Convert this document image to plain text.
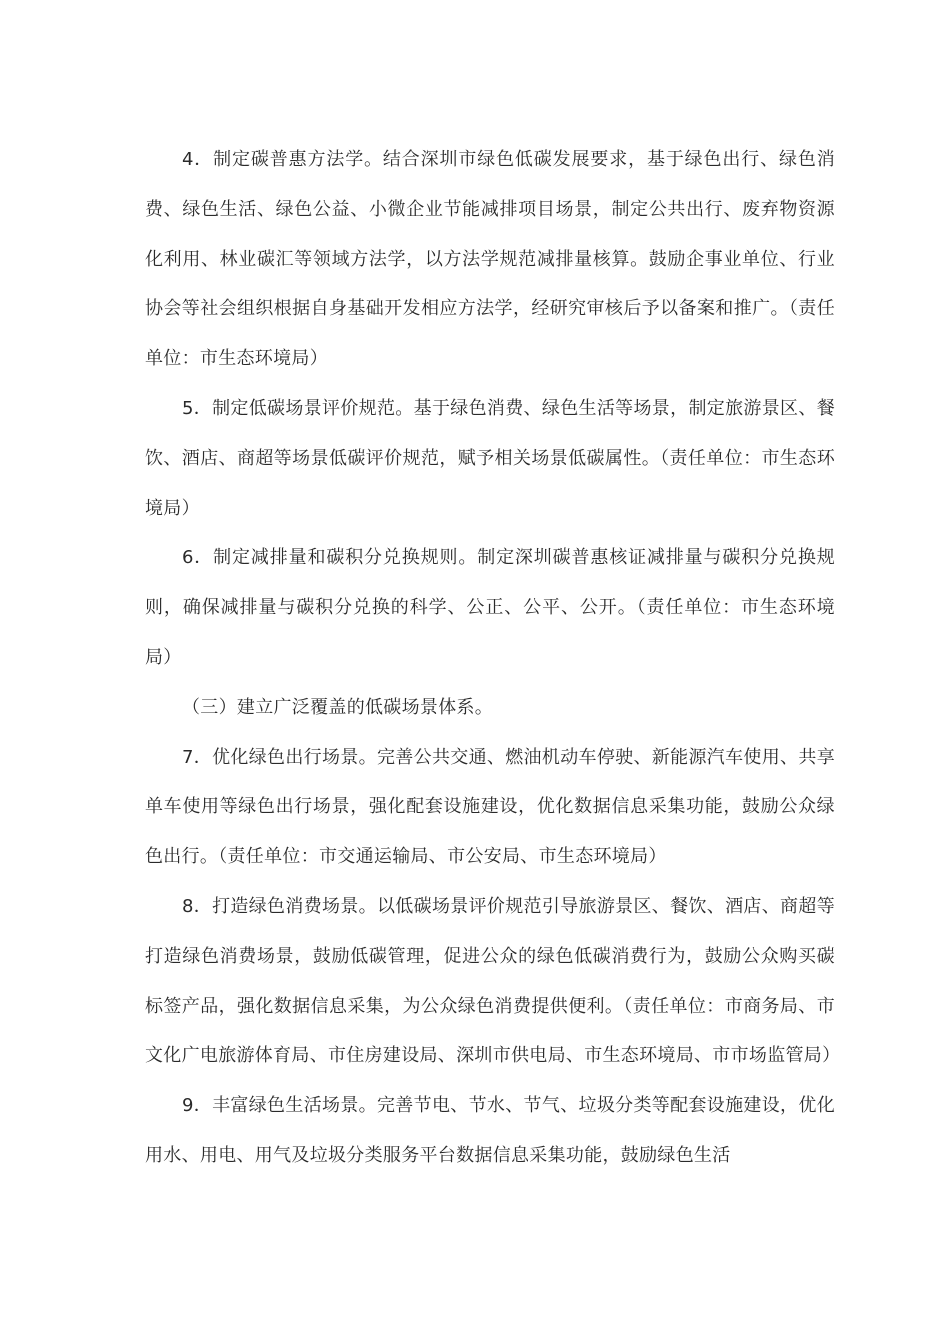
4．制定碳普惠方法学。结合深圳市绿色低碳发展要求，基于绿色出行、绿色消费、绿色生活、绿色公益、小微企业节能减排项目场景，制定公共出行、废弃物资源化利用、林业碳汇等领域方法学，以方法学规范减排量核算。鼓励企事业单位、行业协会等社会组织根据自身基础开发相应方法学，经研究审核后予以备案和推广。（责任单位：市生态环境局）

5．制定低碳场景评价规范。基于绿色消费、绿色生活等场景，制定旅游景区、餐饮、酒店、商超等场景低碳评价规范，赋予相关场景低碳属性。（责任单位：市生态环境局）

6．制定减排量和碳积分兑换规则。制定深圳碳普惠核证减排量与碳积分兑换规则，确保减排量与碳积分兑换的科学、公正、公平、公开。（责任单位：市生态环境局）

（三）建立广泛覆盖的低碳场景体系。

7．优化绿色出行场景。完善公共交通、燃油机动车停驶、新能源汽车使用、共享单车使用等绿色出行场景，强化配套设施建设，优化数据信息采集功能，鼓励公众绿色出行。（责任单位：市交通运输局、市公安局、市生态环境局）

8．打造绿色消费场景。以低碳场景评价规范引导旅游景区、餐饮、酒店、商超等打造绿色消费场景，鼓励低碳管理，促进公众的绿色低碳消费行为，鼓励公众购买碳标签产品，强化数据信息采集，为公众绿色消费提供便利。（责任单位：市商务局、市文化广电旅游体育局、市住房建设局、深圳市供电局、市生态环境局、市市场监管局）

9．丰富绿色生活场景。完善节电、节水、节气、垃圾分类等配套设施建设，优化用水、用电、用气及垃圾分类服务平台数据信息采集功能，鼓励绿色生活
